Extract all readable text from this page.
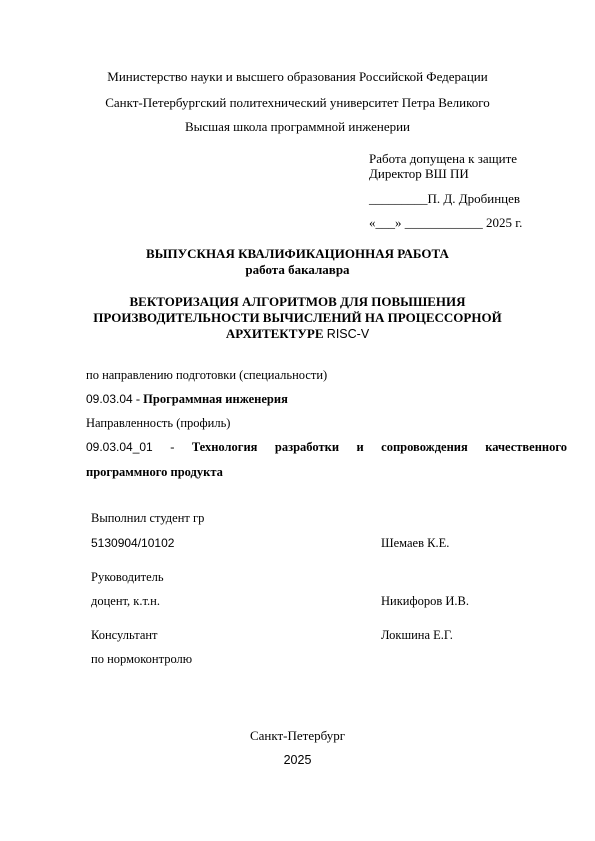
Министерство науки и высшего образования Российской Федерации
Санкт-Петербургский политехнический университет Петра Великого
Высшая школа программной инженерии
Работа допущена к защите
Директор ВШ ПИ
_________П. Д. Дробинцев
«___» ____________ 2025 г.
ВЫПУСКНАЯ КВАЛИФИКАЦИОННАЯ РАБОТА
работа бакалавра
ВЕКТОРИЗАЦИЯ АЛГОРИТМОВ ДЛЯ ПОВЫШЕНИЯ
ПРОИЗВОДИТЕЛЬНОСТИ ВЫЧИСЛЕНИЙ НА ПРОЦЕССОРНОЙ
АРХИТЕКТУРЕ RISC-V
по направлению подготовки (специальности)
09.03.04 - Программная инженерия
Направленность (профиль)
09.03.04_01 - Технология разработки и сопровождения качественного
программного продукта
Выполнил студент гр
5130904/10102	Шемаев К.Е.
Руководитель
доцент, к.т.н.	Никифоров И.В.
Консультант	Локшина Е.Г.
по нормоконтролю
Санкт-Петербург
2025
